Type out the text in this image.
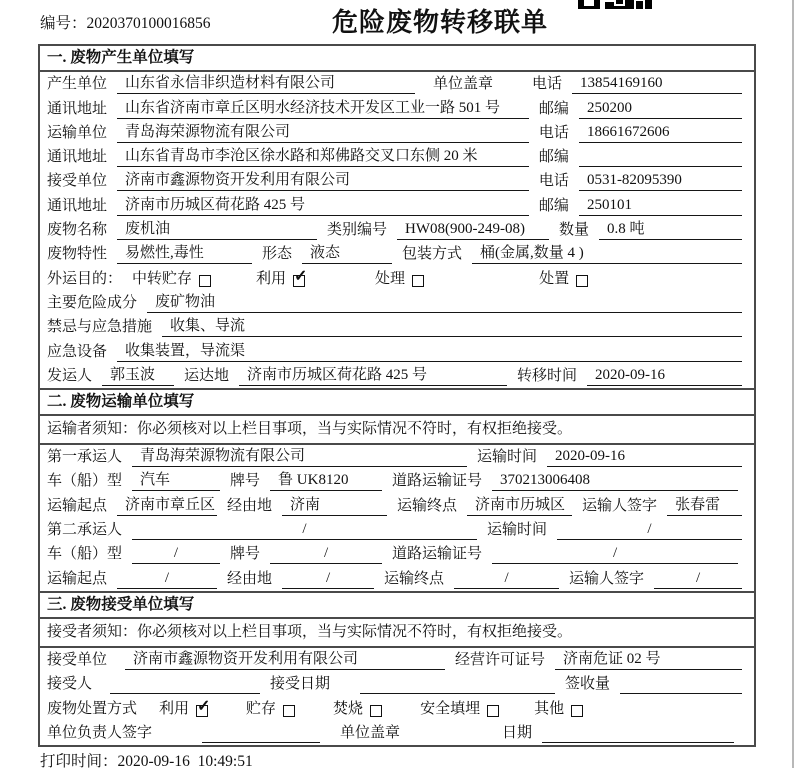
编号：2020370100016856	危险废物转移联单
一. 废物产生单位填写
产生单位	山东省永信非织造材料有限公司	单位盖章	电话	13854169160
通讯地址	山东省济南市章丘区明水经济技术开发区工业一路 501 号	邮编	250200
运输单位	青岛海荣源物流有限公司	电话	18661672606
通讯地址	山东省青岛市李沧区徐水路和郑佛路交叉口东侧 20 米	邮编
接受单位	济南市鑫源物资开发利用有限公司	电话	0531-82095390
通讯地址	济南市历城区荷花路 425 号	邮编	250101
废物名称	废机油	类别编号	HW08(900-249-08)	数量	0.8 吨
废物特性	易燃性,毒性	形态	液态	包装方式	桶(金属,数量 4 )
外运目的： 中转贮存	利用 ✓	处理	处置
主要危险成分	废矿物油
禁忌与应急措施	收集、导流
应急设备	收集装置，导流渠
发运人	郭玉波	运达地	济南市历城区荷花路 425 号	转移时间	2020-09-16
二. 废物运输单位填写
运输者须知：你必须核对以上栏目事项，当与实际情况不符时，有权拒绝接受。
第一承运人	青岛海荣源物流有限公司	运输时间	2020-09-16
车（船）型	汽车	牌号	鲁 UK8120	道路运输证号	370213006408
运输起点	济南市章丘区 经由地	济南	运输终点	济南市历城区	运输人签字	张春雷
第二承运人	/	运输时间	/
车（船）型	/	牌号	/	道路运输证号	/
运输起点	/	经由地	/	运输终点	/	运输人签字	/
三. 废物接受单位填写
接受者须知：你必须核对以上栏目事项，当与实际情况不符时，有权拒绝接受。
接受单位	济南市鑫源物资开发利用有限公司	经营许可证号	济南危证 02 号
接受人	接受日期	签收量
废物处置方式 利用 ✓ 贮存	焚烧	安全填埋	其他
单位负责人签字	单位盖章	日期
打印时间：2020-09-16  10:49:51
